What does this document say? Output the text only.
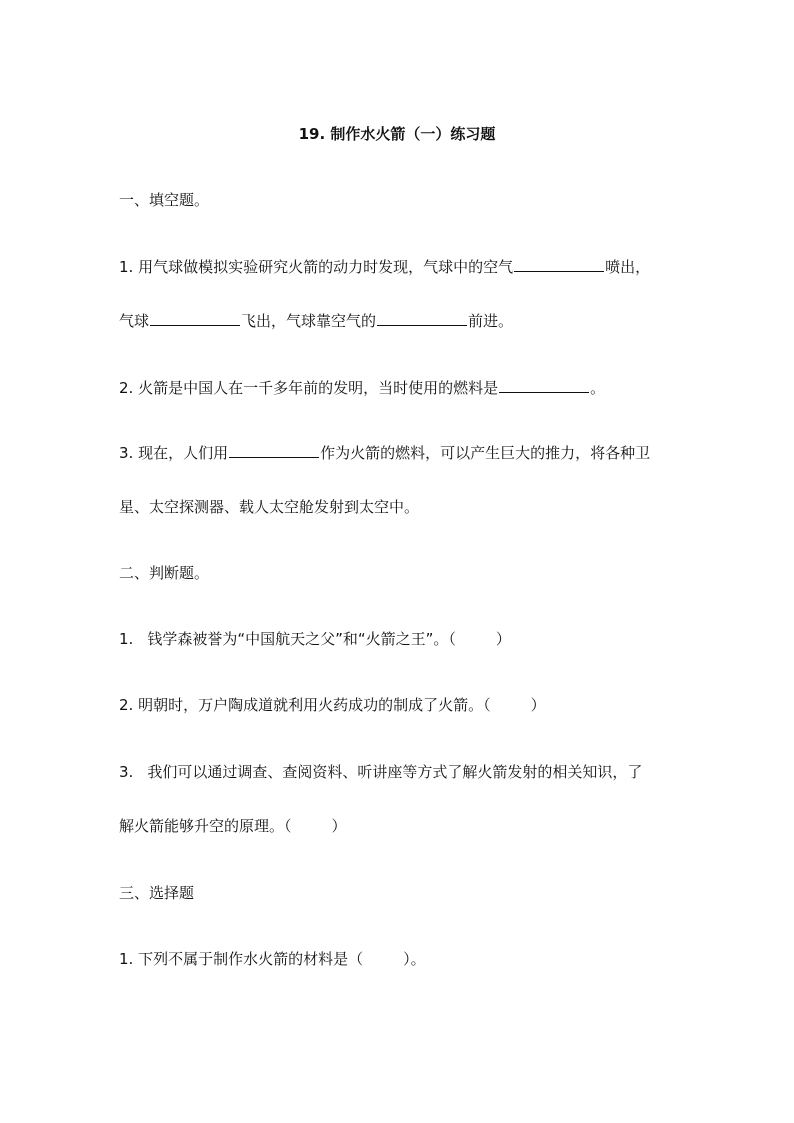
19. 制作水火箭（一）练习题

一、填空题。

1. 用气球做模拟实验研究火箭的动力时发现，气球中的空气	喷出，

气球	飞出，气球靠空气的	前进。

2. 火箭是中国人在一千多年前的发明，当时使用的燃料是	。

3. 现在，人们用	作为火箭的燃料，可以产生巨大的推力，将各种卫

星、太空探测器、载人太空舱发射到太空中。

二、判断题。

1. 钱学森被誉为“中国航天之父”和“火箭之王”。（	）

2. 明朝时，万户陶成道就利用火药成功的制成了火箭。（	）

3. 我们可以通过调查、查阅资料、听讲座等方式了解火箭发射的相关知识，了

解火箭能够升空的原理。（	）

三、选择题

1. 下列不属于制作水火箭的材料是（	）。
